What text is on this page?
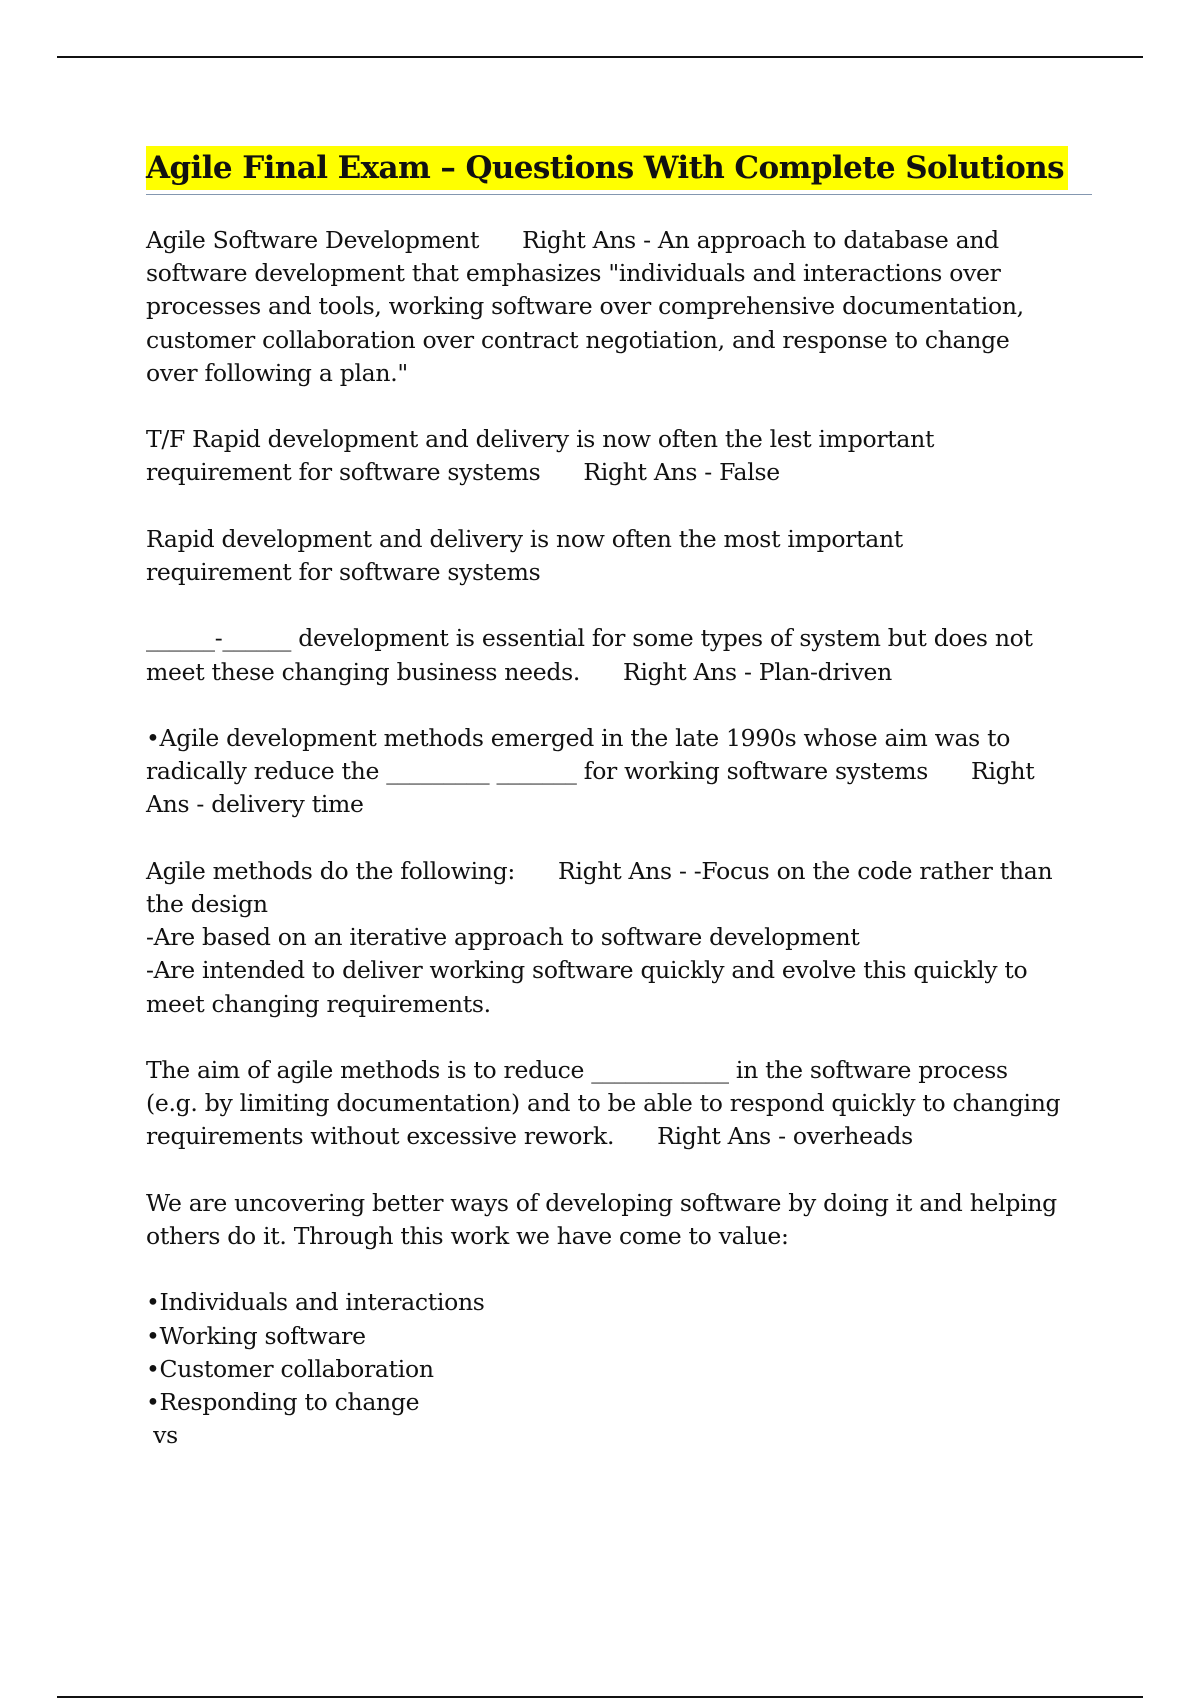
Agile Final Exam – Questions With Complete Solutions
Agile Software Development      Right Ans - An approach to database and
software development that emphasizes "individuals and interactions over
processes and tools, working software over comprehensive documentation,
customer collaboration over contract negotiation, and response to change
over following a plan."
T/F Rapid development and delivery is now often the lest important
requirement for software systems      Right Ans - False
Rapid development and delivery is now often the most important
requirement for software systems
______-______ development is essential for some types of system but does not
meet these changing business needs.      Right Ans - Plan-driven
•Agile development methods emerged in the late 1990s whose aim was to
radically reduce the _________ _______ for working software systems      Right
Ans - delivery time
Agile methods do the following:      Right Ans - -Focus on the code rather than
the design
-Are based on an iterative approach to software development
-Are intended to deliver working software quickly and evolve this quickly to
meet changing requirements.
The aim of agile methods is to reduce ____________ in the software process
(e.g. by limiting documentation) and to be able to respond quickly to changing
requirements without excessive rework.      Right Ans - overheads
We are uncovering better ways of developing software by doing it and helping
others do it. Through this work we have come to value:
•Individuals and interactions
•Working software
•Customer collaboration
•Responding to change
vs
